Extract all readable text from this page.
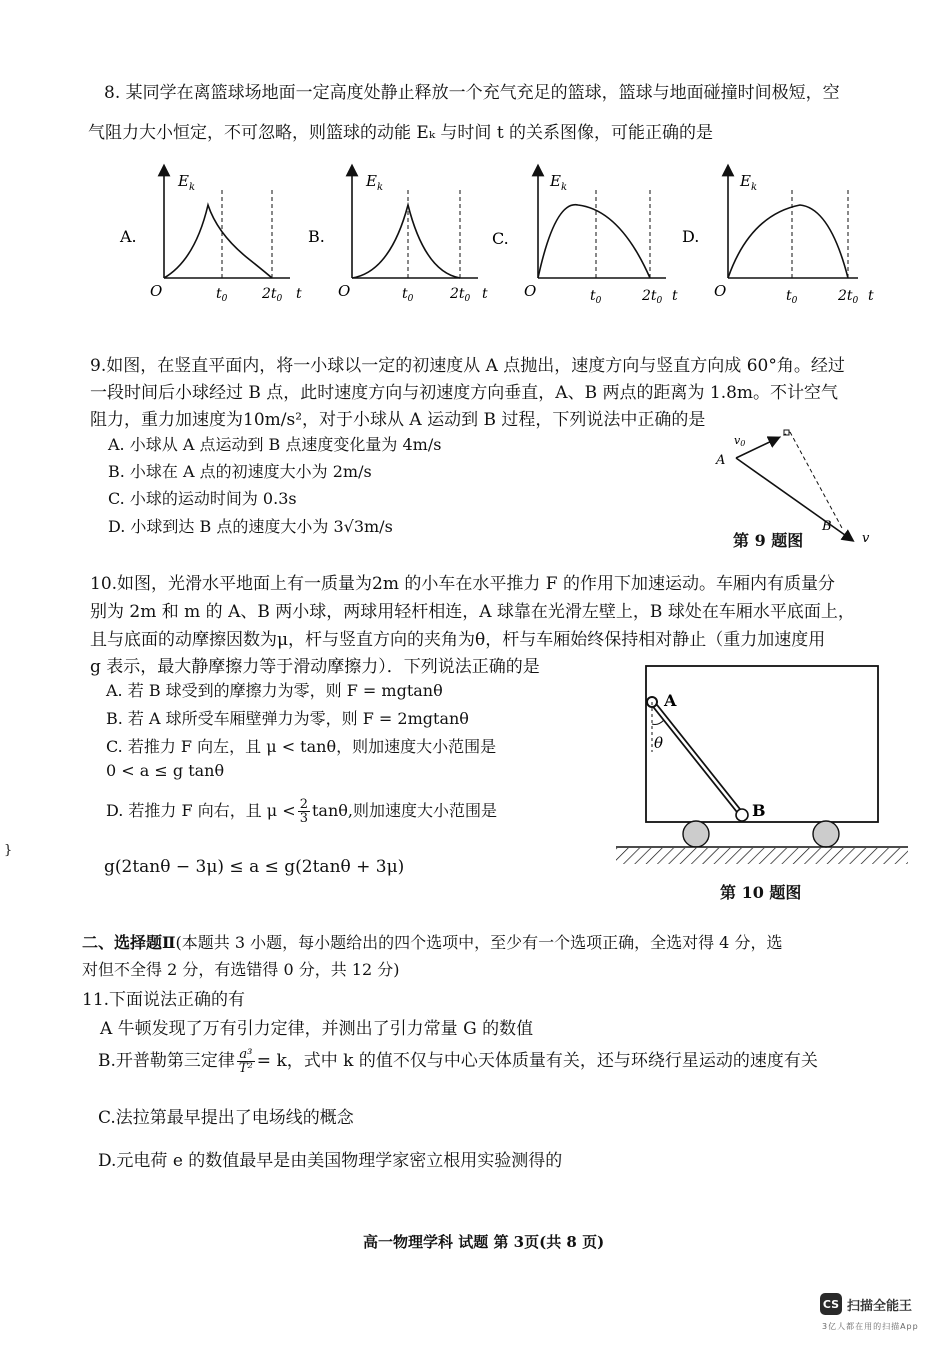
8. 某同学在离篮球场地面一定高度处静止释放一个充气充足的篮球，篮球与地面碰撞时间极短，空
气阻力大小恒定，不可忽略，则篮球的动能 Eₖ 与时间 t 的关系图像，可能正确的是
A.
$E_k$
O	$t_0$ $2t_0$ t
B.
$E_k$
O	$t_0$	$2t_0$ t
C.
$E_k$
O	$t_0$	$2t_0$ t
D.
$E_k$
O	$t_0$	$2t_0$ t
9.如图，在竖直平面内，将一小球以一定的初速度从 A 点抛出，速度方向与竖直方向成 60°角。经过
一段时间后小球经过 B 点，此时速度方向与初速度方向垂直，A、B 两点的距离为 1.8m。不计空气
阻力，重力加速度为10m/s²，对于小球从 A 运动到 B 过程，下列说法中正确的是
A. 小球从 A 点运动到 B 点速度变化量为 4m/s
B. 小球在 A 点的初速度大小为 2m/s
C. 小球的运动时间为 0.3s
D. 小球到达 B 点的速度大小为 3√3m/s
A
B
v0
v
第 9 题图
10.如图，光滑水平地面上有一质量为2m 的小车在水平推力 F 的作用下加速运动。车厢内有质量分
别为 2m 和 m 的 A、B 两小球，两球用轻杆相连，A 球靠在光滑左壁上，B 球处在车厢水平底面上，
且与底面的动摩擦因数为μ，杆与竖直方向的夹角为θ，杆与车厢始终保持相对静止（重力加速度用
g 表示，最大静摩擦力等于滑动摩擦力）．下列说法正确的是
A. 若 B 球受到的摩擦力为零，则 F = mgtanθ
B. 若 A 球所受车厢壁弹力为零，则 F = 2mgtanθ
C. 若推力 F 向左，且 μ < tanθ，则加速度大小范围是
0 < a ≤ g tanθ
D. 若推力 F 向右，且 $\mu < \frac{2}{3} \tan\theta$,则加速度大小范围是
g(2tanθ − 3μ) ≤ a ≤ g(2tanθ + 3μ)
A
B
θ
第 10 题图
}
二、选择题Ⅱ(本题共 3 小题，每小题给出的四个选项中，至少有一个选项正确，全选对得 4 分，选
对但不全得 2 分，有选错得 0 分，共 12 分)
11.下面说法正确的有
A 牛顿发现了万有引力定律，并测出了引力常量 G 的数值
B.开普勒第三定律 $\frac{\text{a³}}{\text{T²}} = k$，式中 k 的值不仅与中心天体质量有关，还与环绕行星运动的速度有关
C.法拉第最早提出了电场线的概念
D.元电荷 e 的数值最早是由美国物理学家密立根用实验测得的
高一物理学科 试题 第 3页(共 8 页)
CS 扫描全能王
3亿人都在用的扫描App
